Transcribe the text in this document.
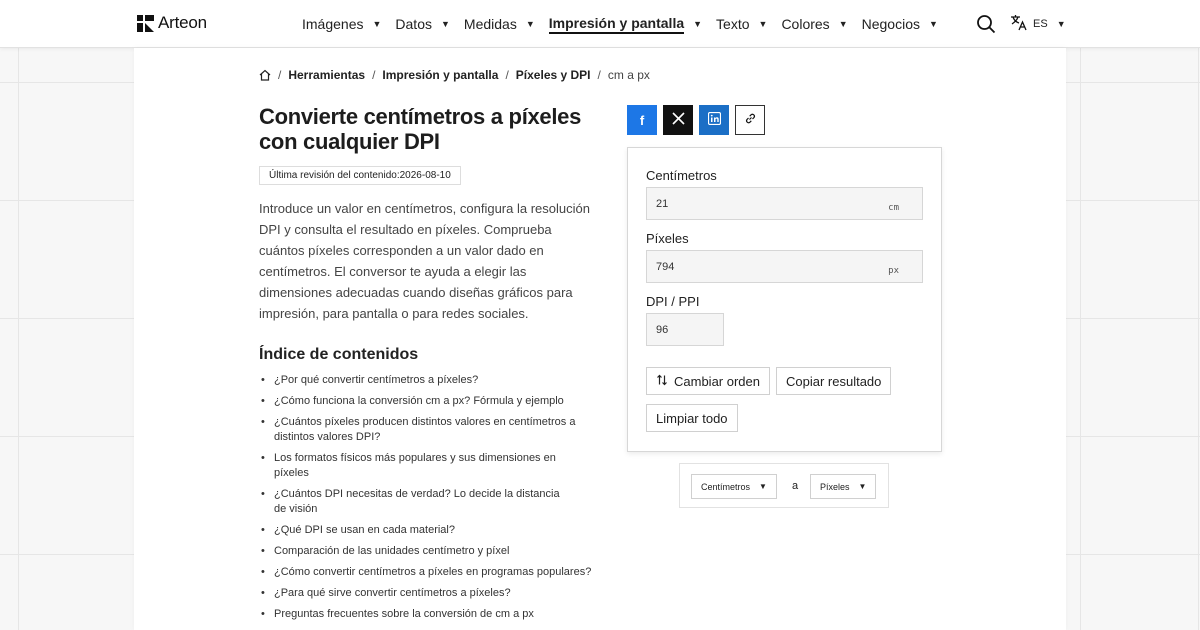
Arteon	Imágenes ▼ Datos ▼ Medidas ▼ Impresión y pantalla ▼ Texto ▼ Colores ▼ Negocios ▼	ES ▼
/ Herramientas / Impresión y pantalla / Píxeles y DPI / cm a px
Convierte centímetros a píxeles con cualquier DPI
Última revisión del contenido:2026-08-10

Introduce un valor en centímetros, configura la resolución DPI y consulta el resultado en píxeles. Comprueba cuántos píxeles corresponden a un valor dado en centímetros. El conversor te ayuda a elegir las dimensiones adecuadas cuando diseñas gráficos para impresión, para pantalla o para redes sociales.

Índice de contenidos
• ¿Por qué convertir centímetros a píxeles?
• ¿Cómo funciona la conversión cm a px? Fórmula y ejemplo
• ¿Cuántos píxeles producen distintos valores en centímetros a distintos valores DPI?
• Los formatos físicos más populares y sus dimensiones en píxeles
• ¿Cuántos DPI necesitas de verdad? Lo decide la distancia de visión
• ¿Qué DPI se usan en cada material?
• Comparación de las unidades centímetro y píxel
• ¿Cómo convertir centímetros a píxeles en programas populares?
• ¿Para qué sirve convertir centímetros a píxeles?
• Preguntas frecuentes sobre la conversión de cm a px
f
Centímetros
21	cm
Píxeles
794	px
DPI / PPI
96
Cambiar orden Copiar resultado
Limpiar todo
Centímetros ▼ a Píxeles ▼
